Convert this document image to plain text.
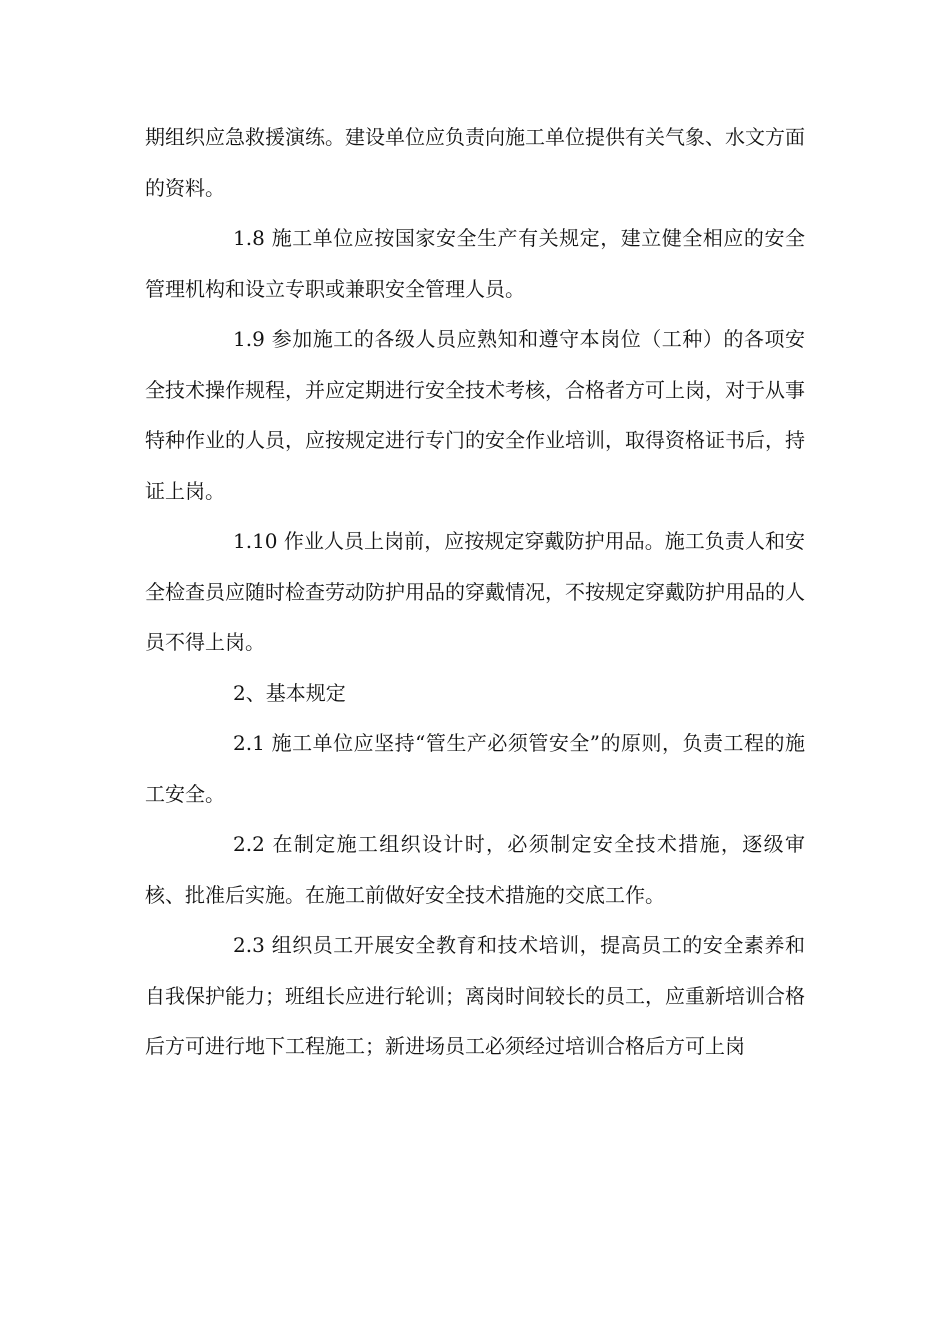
期组织应急救援演练。建设单位应负责向施工单位提供有关气象、水文方面的资料。

1.8 施工单位应按国家安全生产有关规定，建立健全相应的安全管理机构和设立专职或兼职安全管理人员。

1.9 参加施工的各级人员应熟知和遵守本岗位（工种）的各项安全技术操作规程，并应定期进行安全技术考核，合格者方可上岗，对于从事特种作业的人员，应按规定进行专门的安全作业培训，取得资格证书后，持证上岗。

1.10 作业人员上岗前，应按规定穿戴防护用品。施工负责人和安全检查员应随时检查劳动防护用品的穿戴情况，不按规定穿戴防护用品的人员不得上岗。

2、基本规定

2.1 施工单位应坚持“管生产必须管安全”的原则，负责工程的施工安全。

2.2 在制定施工组织设计时，必须制定安全技术措施，逐级审核、批准后实施。在施工前做好安全技术措施的交底工作。

2.3 组织员工开展安全教育和技术培训，提高员工的安全素养和自我保护能力；班组长应进行轮训；离岗时间较长的员工，应重新培训合格后方可进行地下工程施工；新进场员工必须经过培训合格后方可上岗
